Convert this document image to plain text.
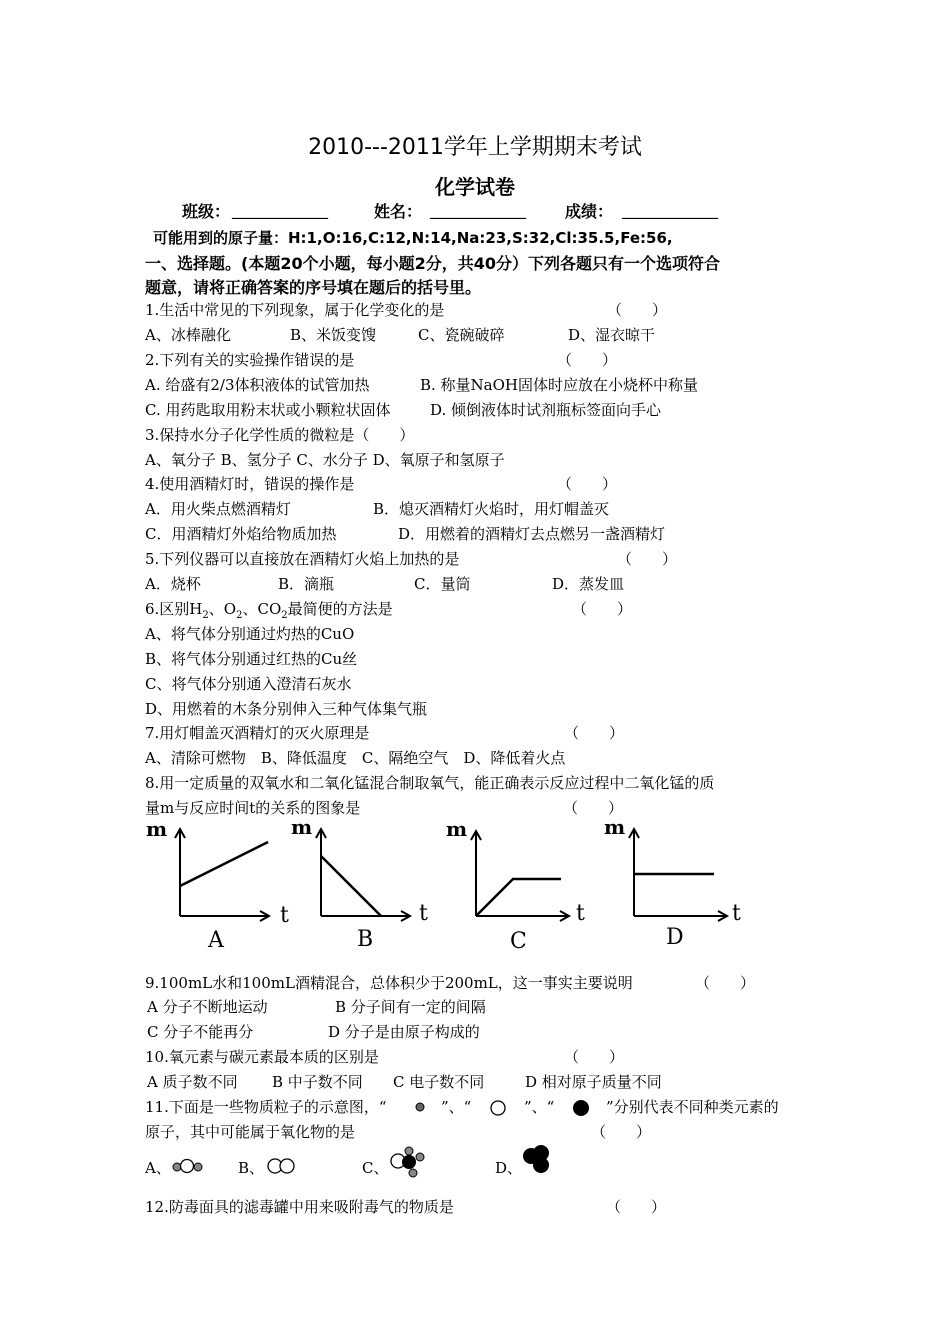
2010---2011学年上学期期末考试
化学试卷
班级： ____________	姓名： ____________ 成绩： ____________
可能用到的原子量：H:1,O:16,C:12,N:14,Na:23,S:32,Cl:35.5,Fe:56,
一、选择题。(本题20个小题，每小题2分，共40分）下列各题只有一个选项符合
题意，请将正确答案的序号填在题后的括号里。
1.生活中常见的下列现象，属于化学变化的是	（　　）
A、冰棒融化	B、米饭变馊	C、瓷碗破碎	D、湿衣晾干
2.下列有关的实验操作错误的是	（　　）
A. 给盛有2/3体积液体的试管加热	B. 称量NaOH固体时应放在小烧杯中称量
C. 用药匙取用粉末状或小颗粒状固体	D. 倾倒液体时试剂瓶标签面向手心
3.保持水分子化学性质的微粒是（　　）
A、氧分子 B、氢分子 C、水分子 D、氧原子和氢原子
4.使用酒精灯时，错误的操作是	（　　）
A．用火柴点燃酒精灯	B．熄灭酒精灯火焰时，用灯帽盖灭
C．用酒精灯外焰给物质加热	D．用燃着的酒精灯去点燃另一盏酒精灯
5.下列仪器可以直接放在酒精灯火焰上加热的是	（　　）
A．烧杯	B．滴瓶	C．量筒	D．蒸发皿
6.区别$H_2$、$O_2$、$CO_2$最简便的方法是	（　　）
A、将气体分别通过灼热的CuO
B、将气体分别通过红热的Cu丝
C、将气体分别通入澄清石灰水
D、用燃着的木条分别伸入三种气体集气瓶
7.用灯帽盖灭酒精灯的灭火原理是	（　　）
A、清除可燃物　B、降低温度　C、隔绝空气　D、降低着火点
8.用一定质量的双氧水和二氧化锰混合制取氧气，能正确表示反应过程中二氧化锰的质
量m与反应时间t的关系的图象是	（　　）
m
t
A
m
t
B
m
t
C
m
t
D
9.100mL水和100mL酒精混合，总体积少于200mL，这一事实主要说明	（　　）
A 分子不断地运动	B 分子间有一定的间隔
C 分子不能再分	D 分子是由原子构成的
10.氧元素与碳元素最本质的区别是	（　　）
A 质子数不同 B 中子数不同 C 电子数不同	D 相对原子质量不同
11.下面是一些物质粒子的示意图，“	”、“	”、“	”分别代表不同种类元素的
原子，其中可能属于氧化物的是	（　　）
A、	B、	C、	D、
12.防毒面具的滤毒罐中用来吸附毒气的物质是	（　　）
